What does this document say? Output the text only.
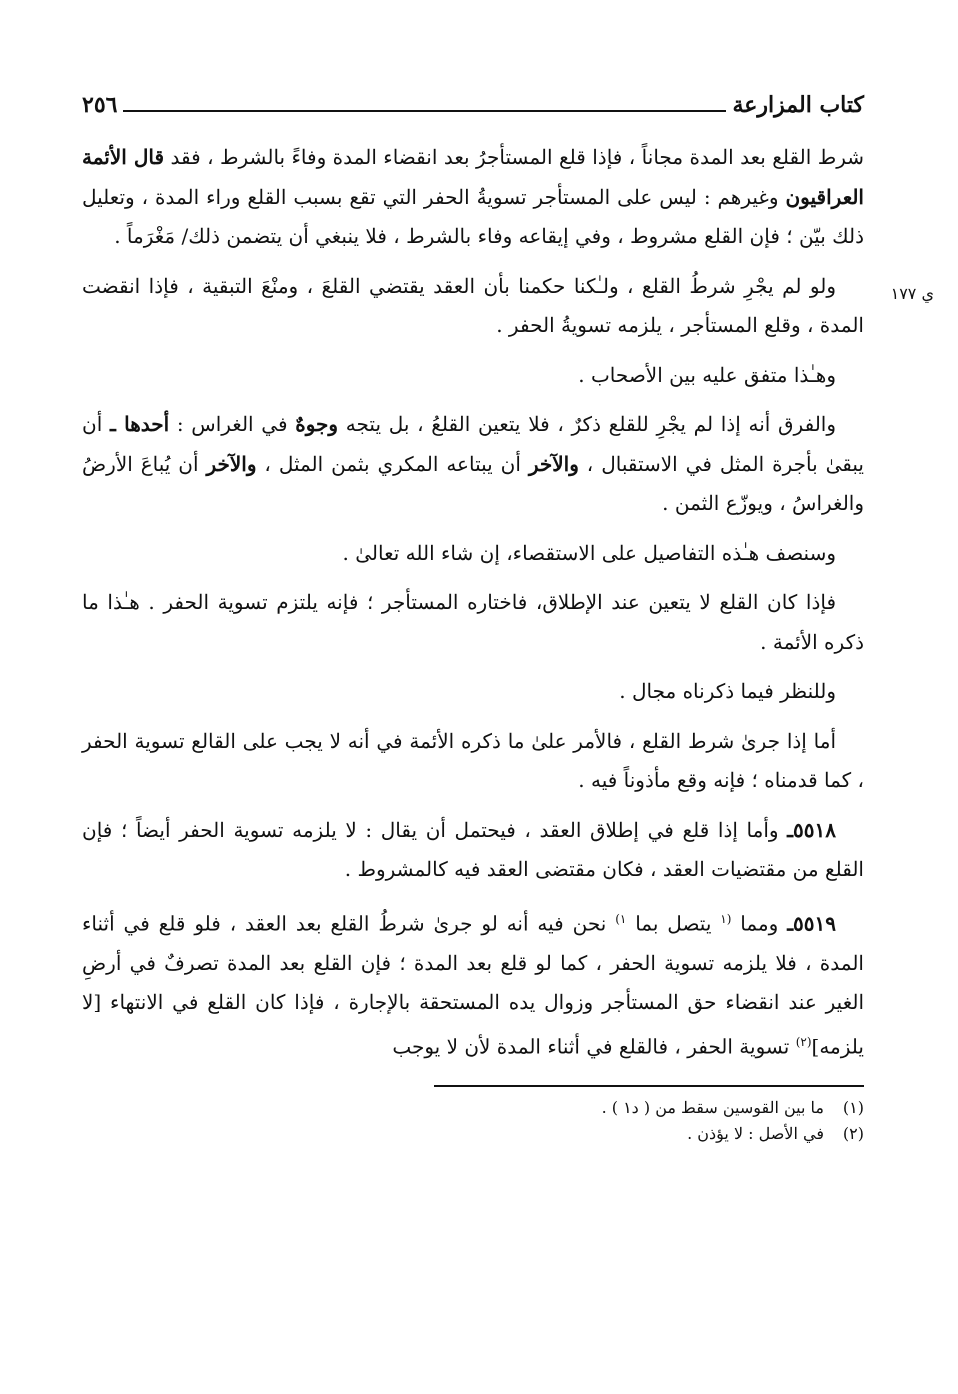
كتاب المزارعة
٢٥٦

شرط القلع بعد المدة مجاناً ، فإذا قلع المستأجرُ بعد انقضاء المدة وفاءً بالشرط ، فقد قال الأئمة العراقيون وغيرهم : ليس على المستأجر تسويةُ الحفر التي تقع بسبب القلع وراء المدة ، وتعليل ذلك بيّن ؛ فإن القلع مشروط ، وفي إيقاعه وفاء بالشرط ، فلا ينبغي أن يتضمن ذلك/ مَغْرَماً .

ولو لم يجْرِ شرطُ القلع ، ولـٰكنا حكمنا بأن العقد يقتضي القلعَ ، ومنْعَ التبقية ، فإذا انقضت المدة ، وقلع المستأجر ، يلزمه تسويةُ الحفر .

وهـٰذا متفق عليه بين الأصحاب .

والفرق أنه إذا لم يجْرِ للقلع ذكرٌ ، فلا يتعين القلعُ ، بل يتجه وجوهٌ في الغراس : أحدها ـ أن يبقىٰ بأجرة المثل في الاستقبال ، والآخر أن يبتاعه المكري بثمن المثل ، والآخر أن يُباعَ الأرضُ والغراسُ ، ويوزّع الثمن .

وسنصف هـٰذه التفاصيل على الاستقصاء، إن شاء الله تعالىٰ .

فإذا كان القلع لا يتعين عند الإطلاق، فاختاره المستأجر ؛ فإنه يلتزم تسوية الحفر . هـٰذا ما ذكره الأئمة .

وللنظر فيما ذكرناه مجال .

أما إذا جرىٰ شرط القلع ، فالأمر علىٰ ما ذكره الأئمة في أنه لا يجب على القالع تسوية الحفر ، كما قدمناه ؛ فإنه وقع مأذوناً فيه .

٥٥١٨ـ وأما إذا قلع في إطلاق العقد ، فيحتمل أن يقال : لا يلزمه تسوية الحفر أيضاً ؛ فإن القلع من مقتضيات العقد ، فكان مقتضى العقد فيه كالمشروط .

٥٥١٩ـ ومما $^{(١}$ يتصل بما $^{١)}$ نحن فيه أنه لو جرىٰ شرطُ القلع بعد العقد ، فلو قلع في أثناء المدة ، فلا يلزمه تسوية الحفر ، كما لو قلع بعد المدة ؛ فإن القلع بعد المدة تصرفٌ في أرضِ الغير عند انقضاء حق المستأجر وزوال يده المستحقة بالإجارة ، فإذا كان القلع في الانتهاء [لا يلزمه]$^{(٢)}$ تسوية الحفر ، فالقلع في أثناء المدة لأن لا يوجب

(١)ما بين القوسين سقط من ( د١ ) .
(٢)في الأصل : لا يؤذن .
ي ١٧٧
